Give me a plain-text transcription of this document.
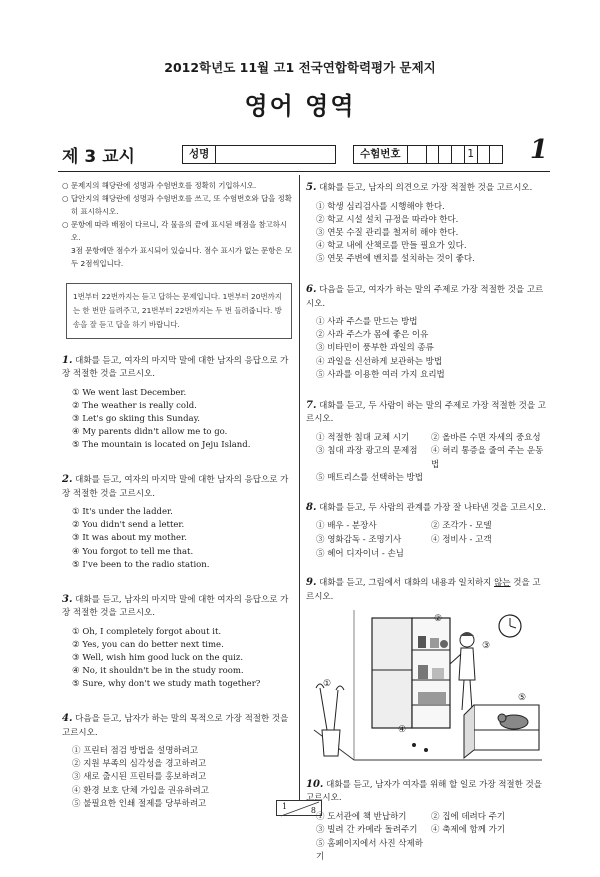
2012학년도 11월 고1 전국연합학력평가 문제지
영어 영역
제 3 교시	성명	수험번호	1 1
○ 문제지의 해당란에 성명과 수험번호를 정확히 기입하시오.
○ 답안지의 해당란에 성명과 수험번호를 쓰고, 또 수험번호와 답을 정확히 표시하시오.
○ 문항에 따라 배점이 다르니, 각 물음의 끝에 표시된 배점을 참고하시오.
3점 문항에만 점수가 표시되어 있습니다. 점수 표시가 없는 문항은 모두 2점씩입니다.
1번부터 22번까지는 듣고 답하는 문제입니다. 1번부터 20번까지는 한 번만 들려주고, 21번부터 22번까지는 두 번 들려줍니다. 방송을 잘 듣고 답을 하기 바랍니다.
1. 대화를 듣고, 여자의 마지막 말에 대한 남자의 응답으로 가장 적절한 것을 고르시오.
① We went last December.
② The weather is really cold.
③ Let's go skiing this Sunday.
④ My parents didn't allow me to go.
⑤ The mountain is located on Jeju Island.
2. 대화를 듣고, 여자의 마지막 말에 대한 남자의 응답으로 가장 적절한 것을 고르시오.
① It's under the ladder.
② You didn't send a letter.
③ It was about my mother.
④ You forgot to tell me that.
⑤ I've been to the radio station.
3. 대화를 듣고, 남자의 마지막 말에 대한 여자의 응답으로 가장 적절한 것을 고르시오.
① Oh, I completely forgot about it.
② Yes, you can do better next time.
③ Well, wish him good luck on the quiz.
④ No, it shouldn't be in the study room.
⑤ Sure, why don't we study math together?
4. 다음을 듣고, 남자가 하는 말의 목적으로 가장 적절한 것을 고르시오.
① 프린터 점검 방법을 설명하려고
② 지원 부족의 심각성을 경고하려고
③ 새로 출시된 프린터를 홍보하려고
④ 환경 보호 단체 가입을 권유하려고
⑤ 불필요한 인쇄 절제를 당부하려고
5. 대화를 듣고, 남자의 의견으로 가장 적절한 것을 고르시오.
① 학생 심리검사를 시행해야 한다.
② 학교 시설 설치 규정을 따라야 한다.
③ 연못 수질 관리를 철저히 해야 한다.
④ 학교 내에 산책로를 만들 필요가 있다.
⑤ 연못 주변에 벤치를 설치하는 것이 좋다.
6. 다음을 듣고, 여자가 하는 말의 주제로 가장 적절한 것을 고르시오.
① 사과 주스를 만드는 방법
② 사과 주스가 몸에 좋은 이유
③ 비타민이 풍부한 과일의 종류
④ 과일을 신선하게 보관하는 방법
⑤ 사과를 이용한 여러 가지 요리법
7. 대화를 듣고, 두 사람이 하는 말의 주제로 가장 적절한 것을 고르시오.
① 적절한 침대 교체 시기	② 올바른 수면 자세의 중요성
③ 침대 과장 광고의 문제점	④ 허리 통증을 줄여 주는 운동법
⑤ 매트리스를 선택하는 방법
8. 대화를 듣고, 두 사람의 관계를 가장 잘 나타낸 것을 고르시오.
① 배우 - 분장사	② 조각가 - 모델
③ 영화감독 - 조명기사	④ 정비사 - 고객
⑤ 헤어 디자이너 - 손님
9. 대화를 듣고, 그림에서 대화의 내용과 일치하지 않는 것을 고르시오.
①
②
③
④
⑤
10. 대화를 듣고, 남자가 여자를 위해 할 일로 가장 적절한 것을 고르시오.
① 도서관에 책 반납하기	② 집에 데려다 주기
③ 빌려 간 카메라 돌려주기	④ 축제에 함께 가기
⑤ 홈페이지에서 사진 삭제하기
1	8
